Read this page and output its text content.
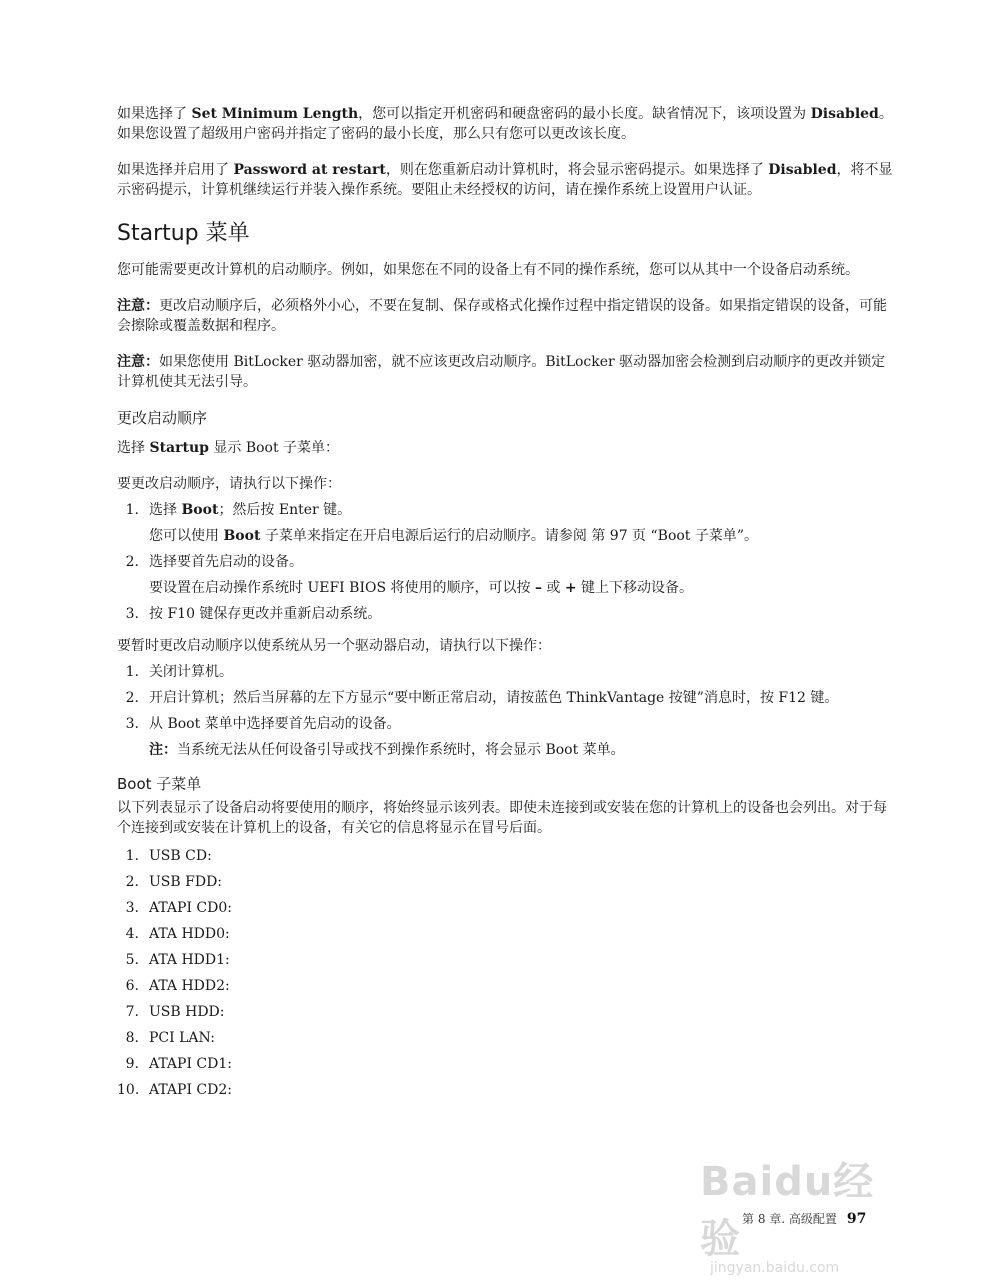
如果选择了 Set Minimum Length，您可以指定开机密码和硬盘密码的最小长度。缺省情况下，该项设置为 Disabled。如果您设置了超级用户密码并指定了密码的最小长度，那么只有您可以更改该长度。

如果选择并启用了 Password at restart，则在您重新启动计算机时，将会显示密码提示。如果选择了 Disabled，将不显示密码提示，计算机继续运行并装入操作系统。要阻止未经授权的访问，请在操作系统上设置用户认证。

Startup 菜单

您可能需要更改计算机的启动顺序。例如，如果您在不同的设备上有不同的操作系统，您可以从其中一个设备启动系统。

注意：更改启动顺序后，必须格外小心，不要在复制、保存或格式化操作过程中指定错误的设备。如果指定错误的设备，可能会擦除或覆盖数据和程序。

注意：如果您使用 BitLocker 驱动器加密，就不应该更改启动顺序。BitLocker 驱动器加密会检测到启动顺序的更改并锁定计算机使其无法引导。

更改启动顺序

选择 Startup 显示 Boot 子菜单：

要更改启动顺序，请执行以下操作：

1. 选择 Boot；然后按 Enter 键。
您可以使用 Boot 子菜单来指定在开启电源后运行的启动顺序。请参阅 第 97 页 “Boot 子菜单”。
2. 选择要首先启动的设备。
要设置在启动操作系统时 UEFI BIOS 将使用的顺序，可以按 – 或 + 键上下移动设备。
3. 按 F10 键保存更改并重新启动系统。

要暂时更改启动顺序以使系统从另一个驱动器启动，请执行以下操作：

1. 关闭计算机。
2. 开启计算机；然后当屏幕的左下方显示“要中断正常启动，请按蓝色 ThinkVantage 按键”消息时，按 F12 键。
3. 从 Boot 菜单中选择要首先启动的设备。

注：当系统无法从任何设备引导或找不到操作系统时，将会显示 Boot 菜单。

Boot 子菜单

以下列表显示了设备启动将要使用的顺序，将始终显示该列表。即使未连接到或安装在您的计算机上的设备也会列出。对于每个连接到或安装在计算机上的设备，有关它的信息将显示在冒号后面。

1. USB CD:
2. USB FDD:
3. ATAPI CD0:
4. ATA HDD0:
5. ATA HDD1:
6. ATA HDD2:
7. USB HDD:
8. PCI LAN:
9. ATAPI CD1:
10. ATAPI CD2:
Baidu经验
jingyan.baidu.com
第 8 章. 高级配置 97
